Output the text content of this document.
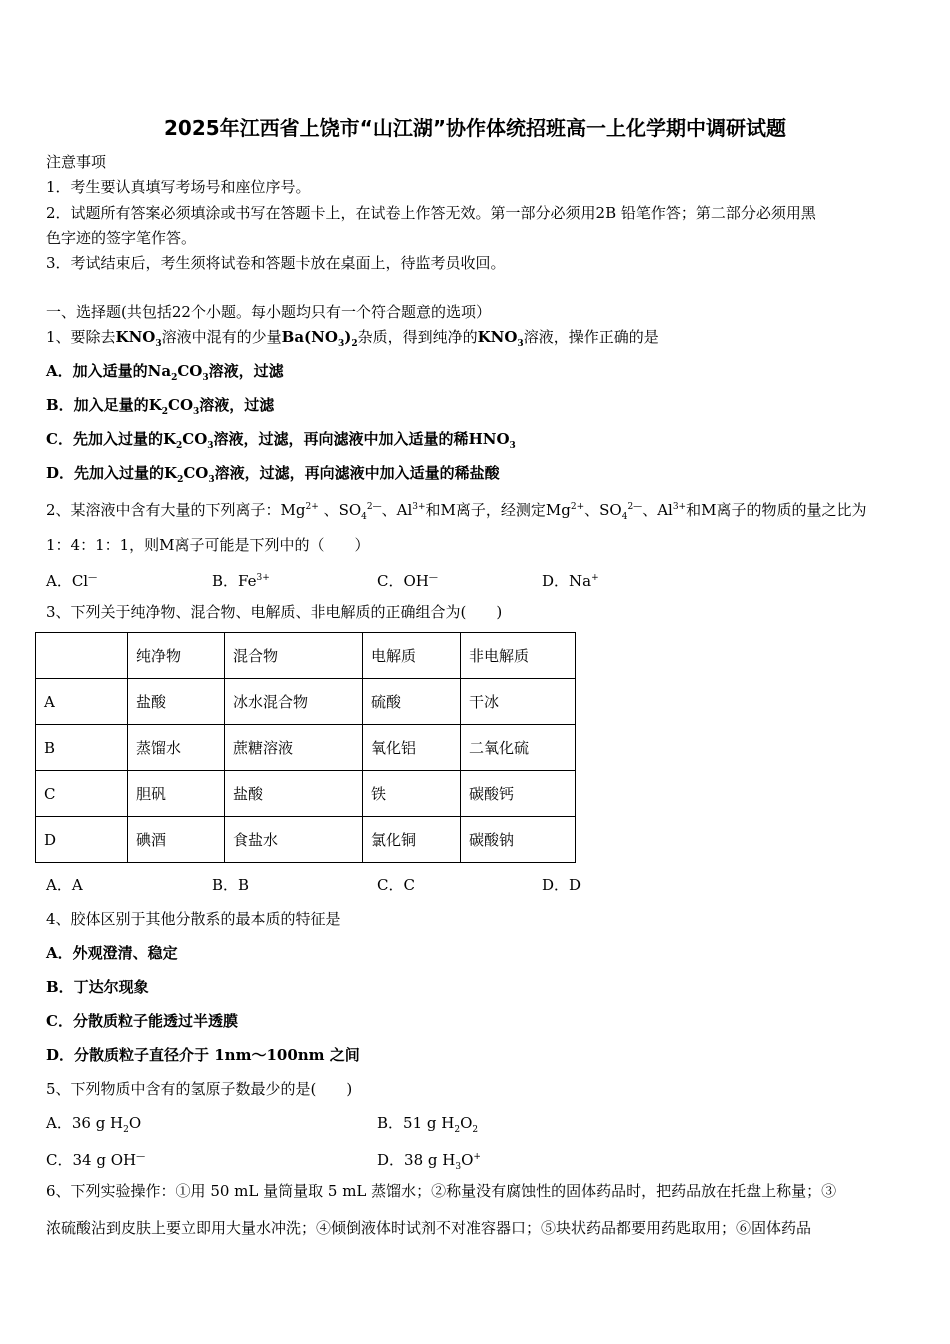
2025年江西省上饶市“山江湖”协作体统招班高一上化学期中调研试题
注意事项
1．考生要认真填写考场号和座位序号。
2．试题所有答案必须填涂或书写在答题卡上，在试卷上作答无效。第一部分必须用2B 铅笔作答；第二部分必须用黑
色字迹的签字笔作答。
3．考试结束后，考生须将试卷和答题卡放在桌面上，待监考员收回。
一、选择题(共包括22个小题。每小题均只有一个符合题意的选项）
1、要除去$KNO_3$溶液中混有的少量$Ba(NO_3)_2$杂质，得到纯净的$KNO_3$溶液，操作正确的是
A．加入适量的$Na_2CO_3$溶液，过滤
B．加入足量的$K_2CO_3$溶液，过滤
C．先加入过量的$K_2CO_3$溶液，过滤，再向滤液中加入适量的稀$HNO_3$
D．先加入过量的$K_2CO_3$溶液，过滤，再向滤液中加入适量的稀盐酸
2、某溶液中含有大量的下列离子：$Mg^{2+}$ 、$SO_4^{2—}$、$Al^{3+}$和M离子，经测定$Mg^{2+}$、$SO_4^{2—}$、$Al^{3+}$和M离子的物质的量之比为
1：4：1：1，则M离子可能是下列中的（　　）
A．Cl—	B．$Fe^{3+}$	C．OH—	D．Na+
3、下列关于纯净物、混合物、电解质、非电解质的正确组合为(　　)
	纯净物	混合物	电解质	非电解质
A	盐酸	冰水混合物	硫酸	干冰
B	蒸馏水	蔗糖溶液	氧化铝	二氧化硫
C	胆矾	盐酸	铁	碳酸钙
D	碘酒	食盐水	氯化铜	碳酸钠
A．A	B．B	C．C	D．D
4、胶体区别于其他分散系的最本质的特征是
A．外观澄清、稳定
B．丁达尔现象
C．分散质粒子能透过半透膜
D．分散质粒子直径介于 1nm～100nm 之间
5、下列物质中含有的氢原子数最少的是(　　)
A．36 g $H_2O$	B．51 g $H_2O_2$
C．34 g OH—	D．38 g $H_3O^+$
6、下列实验操作：①用 50 mL 量筒量取 5 mL 蒸馏水；②称量没有腐蚀性的固体药品时，把药品放在托盘上称量；③
浓硫酸沾到皮肤上要立即用大量水冲洗；④倾倒液体时试剂不对准容器口；⑤块状药品都要用药匙取用；⑥固体药品
